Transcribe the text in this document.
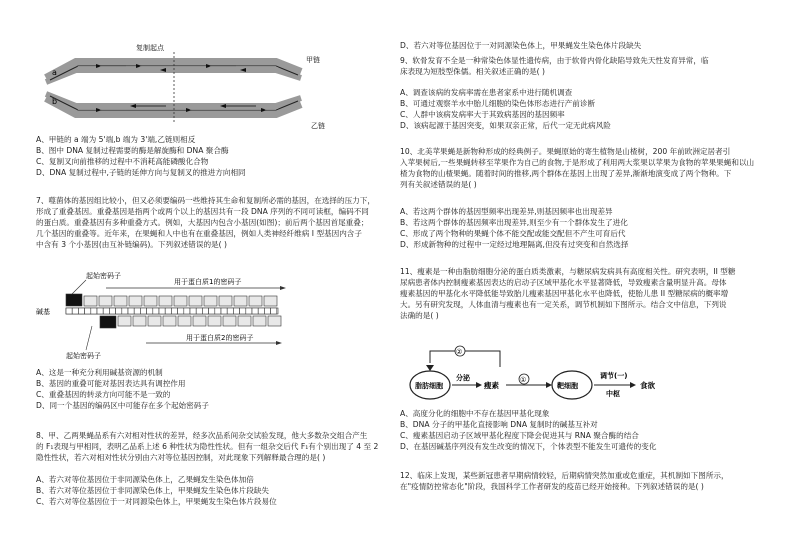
复制起点
a
b
甲链
乙链

A、甲链的 a 端为 5'端,b 端为 3'端,乙链则相反

B、图中 DNA 复制过程需要的酶是解旋酶和 DNA 聚合酶

C、复制叉向前推移的过程中不消耗高能磷酸化合物

D、DNA 复制过程中,子链的延伸方向与复制叉的推进方向相同

7、噬菌体的基因组比较小，但又必须要编码一些维持其生命和复制所必需的基因，在选择的压力下，

形成了重叠基因。重叠基因是指两个或两个以上的基因共有一段 DNA 序列的不同可读框，编码不同

的蛋白质。重叠基因有多种重叠方式。例如，大基因内包含小基因(如图)；前后两个基因首尾重叠；

几个基因的重叠等。近年来，在果蝇和人中也有在重叠基因，例如人类神经纤维病 I 型基因内含子

中含有 3 个小基因(由互补链编码)。下列叙述错误的是( )

起始密码子
用于蛋白质1的密码子
碱基
用于蛋白质2的密码子
起始密码子

A、这是一种充分利用碱基资源的机制

B、基因的重叠可能对基因表达具有调控作用

C、重叠基因的转录方向可能不是一致的

D、同一个基因的编码区中可能存在多个起始密码子

8、甲、乙两果蝇品系有六对相对性状的差异，经多次品系间杂交试验发现，他大多数杂交组合产生

的 F₁表现与甲相同，表明乙品系上述 6 种性状为隐性性状。但有一组杂交后代 F₁有个别出现了 4 至 2

隐性性状，若六对相对性状分别由六对等位基因控制，对此现象下列解释最合理的是( )

A、若六对等位基因位于非同源染色体上，乙果蝇发生染色体加倍

B、若六对等位基因位于非同源染色体上，甲果蝇发生染色体片段缺失

C、若六对等位基因位于一对同源染色体上，甲果蝇发生染色体片段易位

D、若六对等位基因位于一对同源染色体上，甲果蝇发生染色体片段缺失

9、软骨发育不全是一种常染色体显性遗传病，由于软骨内骨化缺陷导致先天性发育异常，临

床表现为短肢型侏儒。相关叙述正确的是( )

A、调查该病的发病率需在患者家系中进行随机调查

B、可通过观察羊水中胎儿细胞的染色体形态进行产前诊断

C、人群中该病发病率大于其致病基因的基因频率

D、该病起源于基因突变，如果双亲正常，后代一定无此病风险

10、北美苹果蝇是新物种形成的经典例子。果蝇原始的寄生植物是山楂树，200 年前欧洲定居者引

入苹果树后,一些果蝇转移至苹果作为自己的食物,于是形成了利用两大浆果以苹果为食物的苹果果蝇和以山

楂为食物的山楂果蝇。随着时间的推移,两个群体在基因上出现了差异,渐渐地演变成了两个物种。下

列有关叙述错误的是( )

A、若这两个群体的基因型频率出现差异,则基因频率也出现差异

B、若这两个群体的基因频率出现差异,则至少有一个群体发生了进化

C、形成了两个物种的果蝇个体不能交配或能交配但不产生可育后代

D、形成新物种的过程中一定经过地理隔离,但没有过突变和自然选择

11、瘦素是一种由脂肪细胞分泌的蛋白质类激素，与糖尿病发病具有高度相关性。研究表明，II 型糖

尿病患者体内控制瘦素基因表达的启动子区域甲基化水平显著降低，导致瘦素含量明显升高。母体

瘦素基因的甲基化水平降低能导致胎儿瘦素基因甲基化水平也降低，使胎儿患 II 型糖尿病的概率增

大。另有研究发现，人体血清与瘦素也有一定关系，调节机制如下图所示。结合文中信息，下列说

法确的是( )

②
脂肪细胞
分泌
瘦素
①
靶细胞
调节 (一)
中枢
食欲

A、高度分化的细胞中不存在基因甲基化现象

B、DNA 分子的甲基化直接影响 DNA 复制时的碱基互补对

C、瘦素基因启动子区域甲基化程度下降会促进其与 RNA 聚合酶的结合

D、在基因碱基序列没有发生改变的情况下，个体表型不能发生可遗传的变化

12、临床上发现，某些新冠患者早期病情较轻，后期病情突然加重或危重症，其机制如下图所示，

在"疫情防控常态化"阶段，我国科学工作者研发的疫苗已经开始接种。下列叙述错误的是( )
